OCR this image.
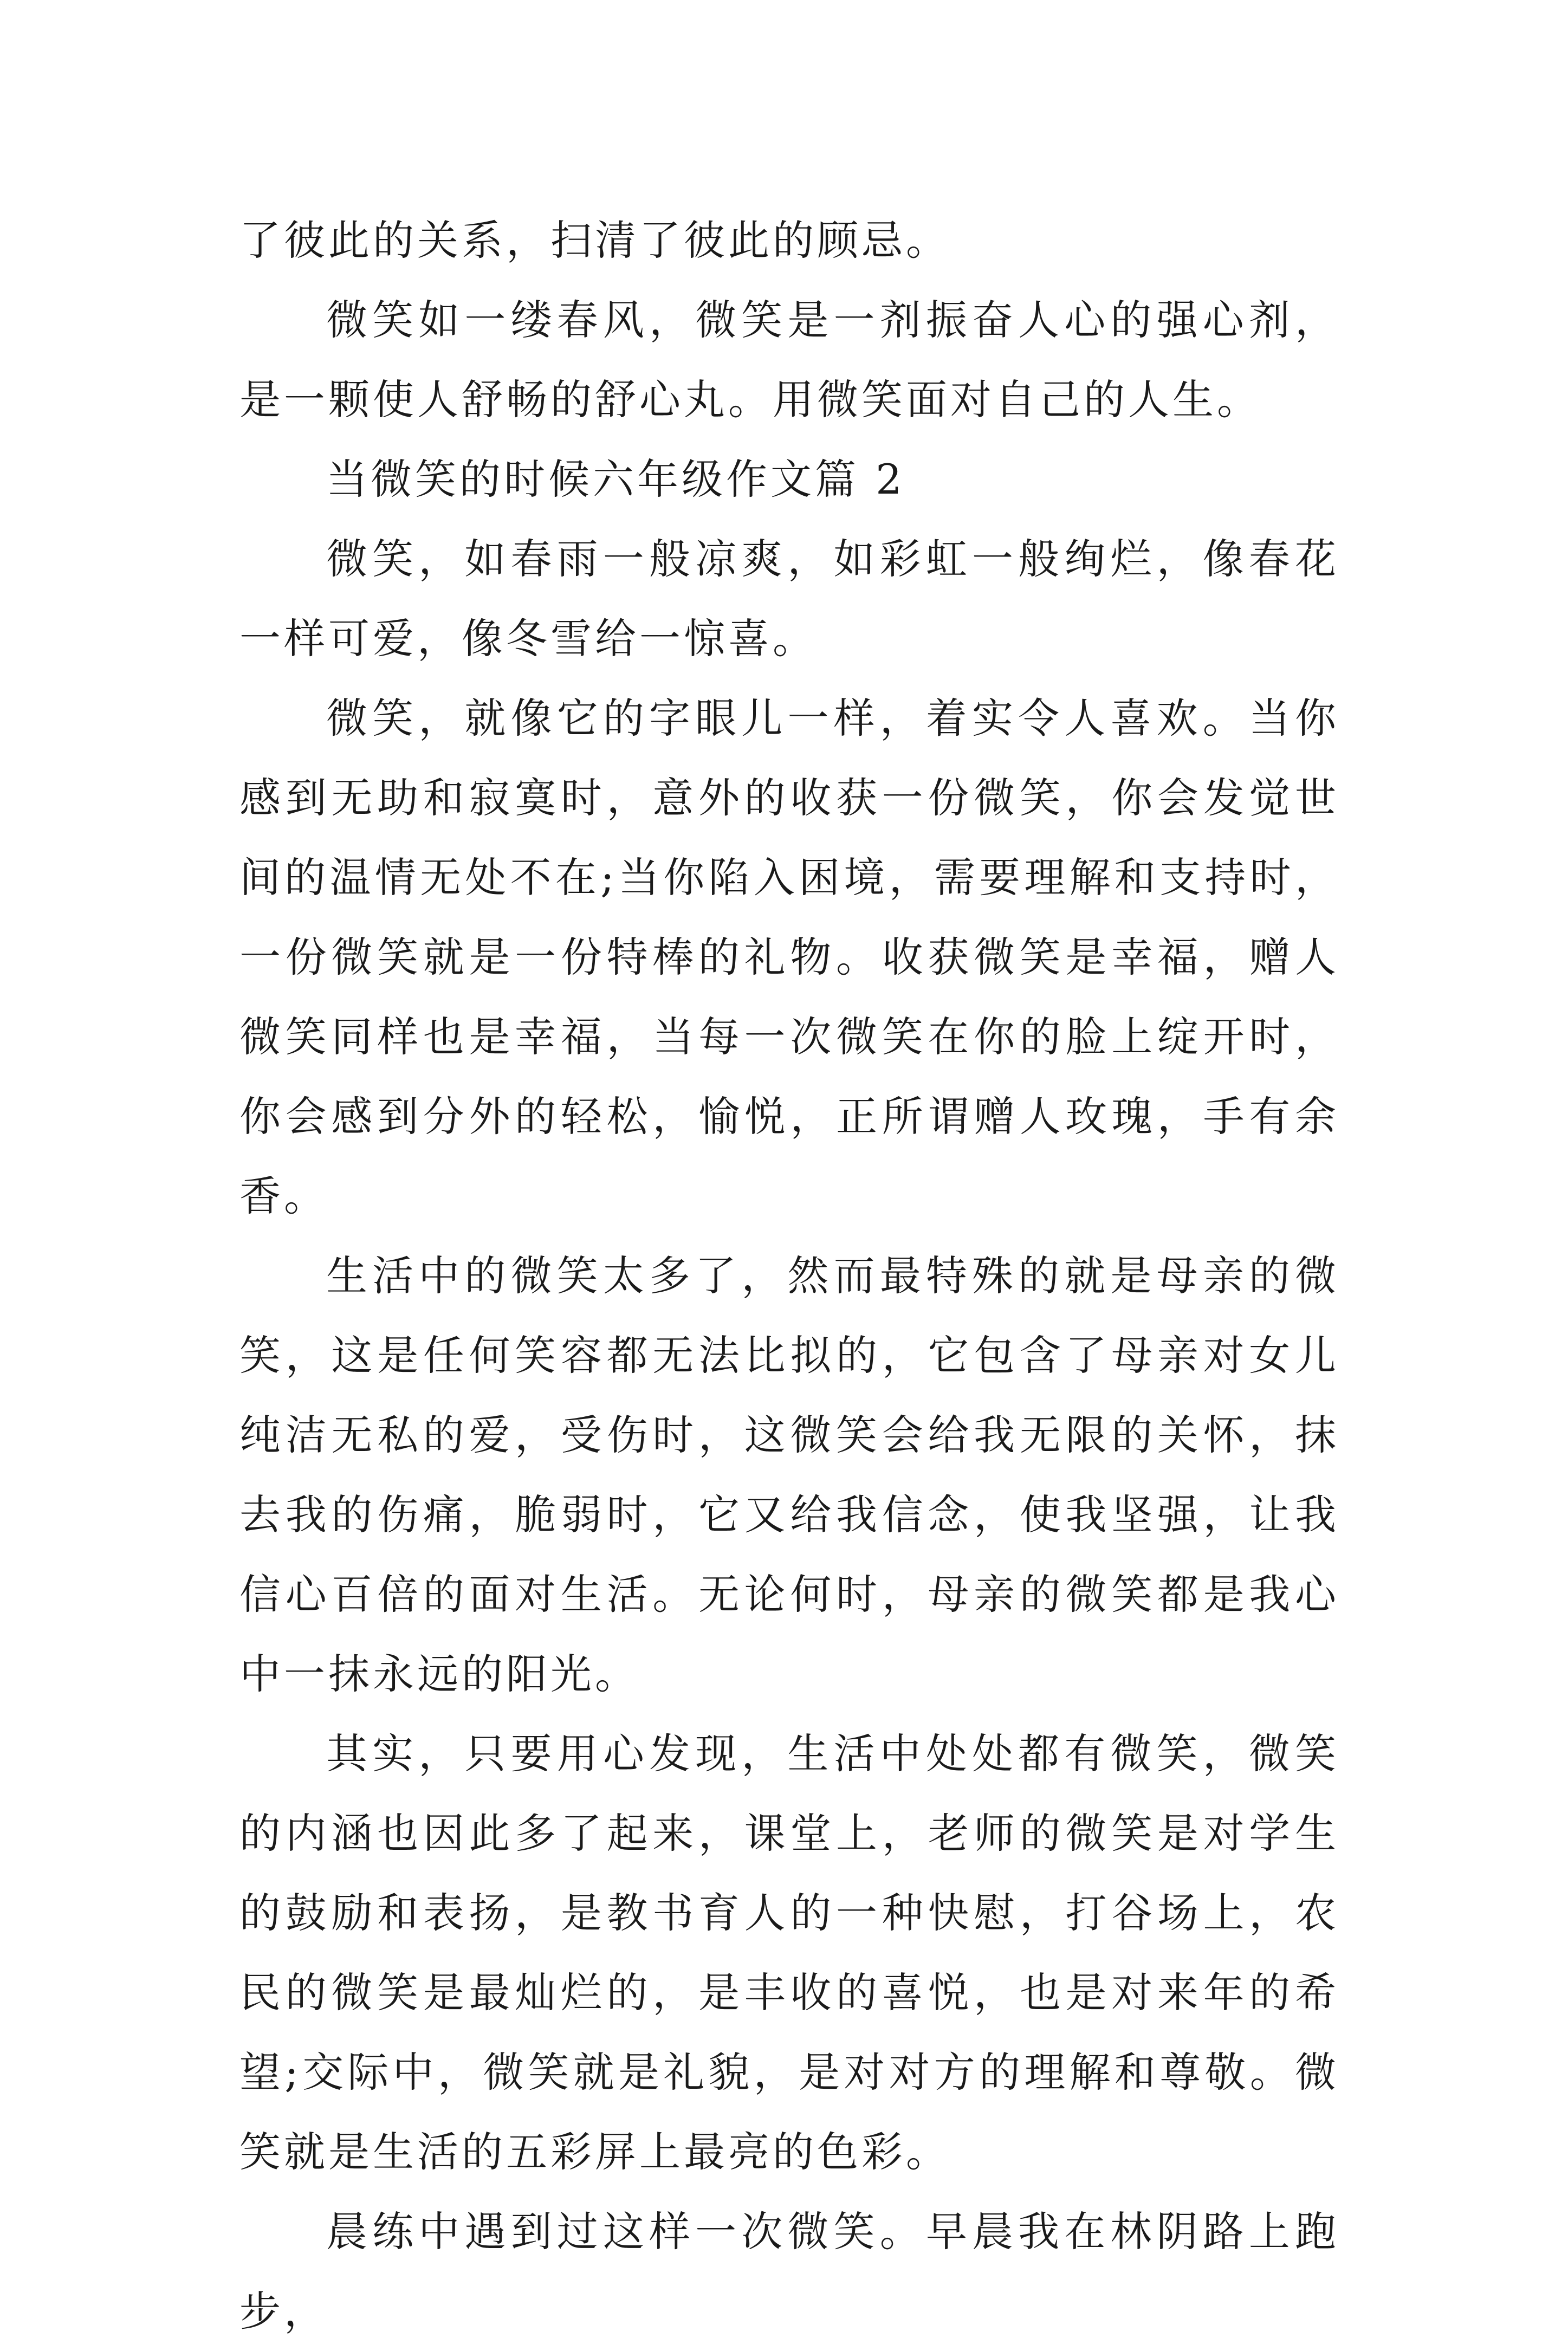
了彼此的关系，扫清了彼此的顾忌。

微笑如一缕春风，微笑是一剂振奋人心的强心剂，是一颗使人舒畅的舒心丸。用微笑面对自己的人生。

当微笑的时候六年级作文篇 2

微笑，如春雨一般凉爽，如彩虹一般绚烂，像春花一样可爱，像冬雪给一惊喜。

微笑，就像它的字眼儿一样，着实令人喜欢。当你感到无助和寂寞时，意外的收获一份微笑，你会发觉世间的温情无处不在;当你陷入困境，需要理解和支持时，一份微笑就是一份特棒的礼物。收获微笑是幸福，赠人微笑同样也是幸福，当每一次微笑在你的脸上绽开时，你会感到分外的轻松，愉悦，正所谓赠人玫瑰，手有余香。

生活中的微笑太多了，然而最特殊的就是母亲的微笑，这是任何笑容都无法比拟的，它包含了母亲对女儿纯洁无私的爱，受伤时，这微笑会给我无限的关怀，抹去我的伤痛，脆弱时，它又给我信念，使我坚强，让我信心百倍的面对生活。无论何时，母亲的微笑都是我心中一抹永远的阳光。

其实，只要用心发现，生活中处处都有微笑，微笑的内涵也因此多了起来，课堂上，老师的微笑是对学生的鼓励和表扬，是教书育人的一种快慰，打谷场上，农民的微笑是最灿烂的，是丰收的喜悦，也是对来年的希望;交际中，微笑就是礼貌，是对对方的理解和尊敬。微笑就是生活的五彩屏上最亮的色彩。

晨练中遇到过这样一次微笑。早晨我在林阴路上跑步，
